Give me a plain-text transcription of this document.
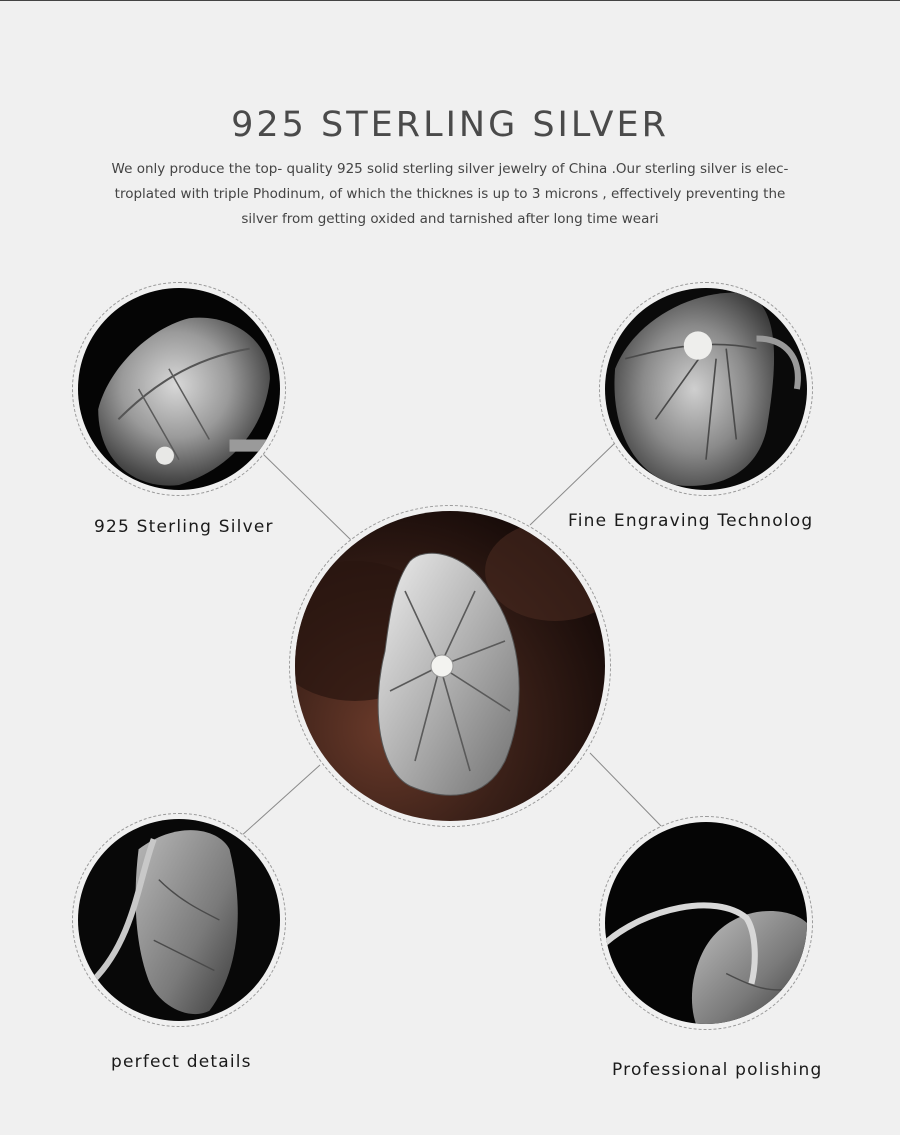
925 STERLING SILVER

We only produce the top- quality 925 solid sterling silver jewelry of China .Our sterling silver is elec- troplated with triple Phodinum, of which the thicknes is up to 3 microns , effectively preventing the silver from getting oxided and tarnished after long time weari

925 Sterling Silver	Fine Engraving Technolog
perfect details	Professional polishing
